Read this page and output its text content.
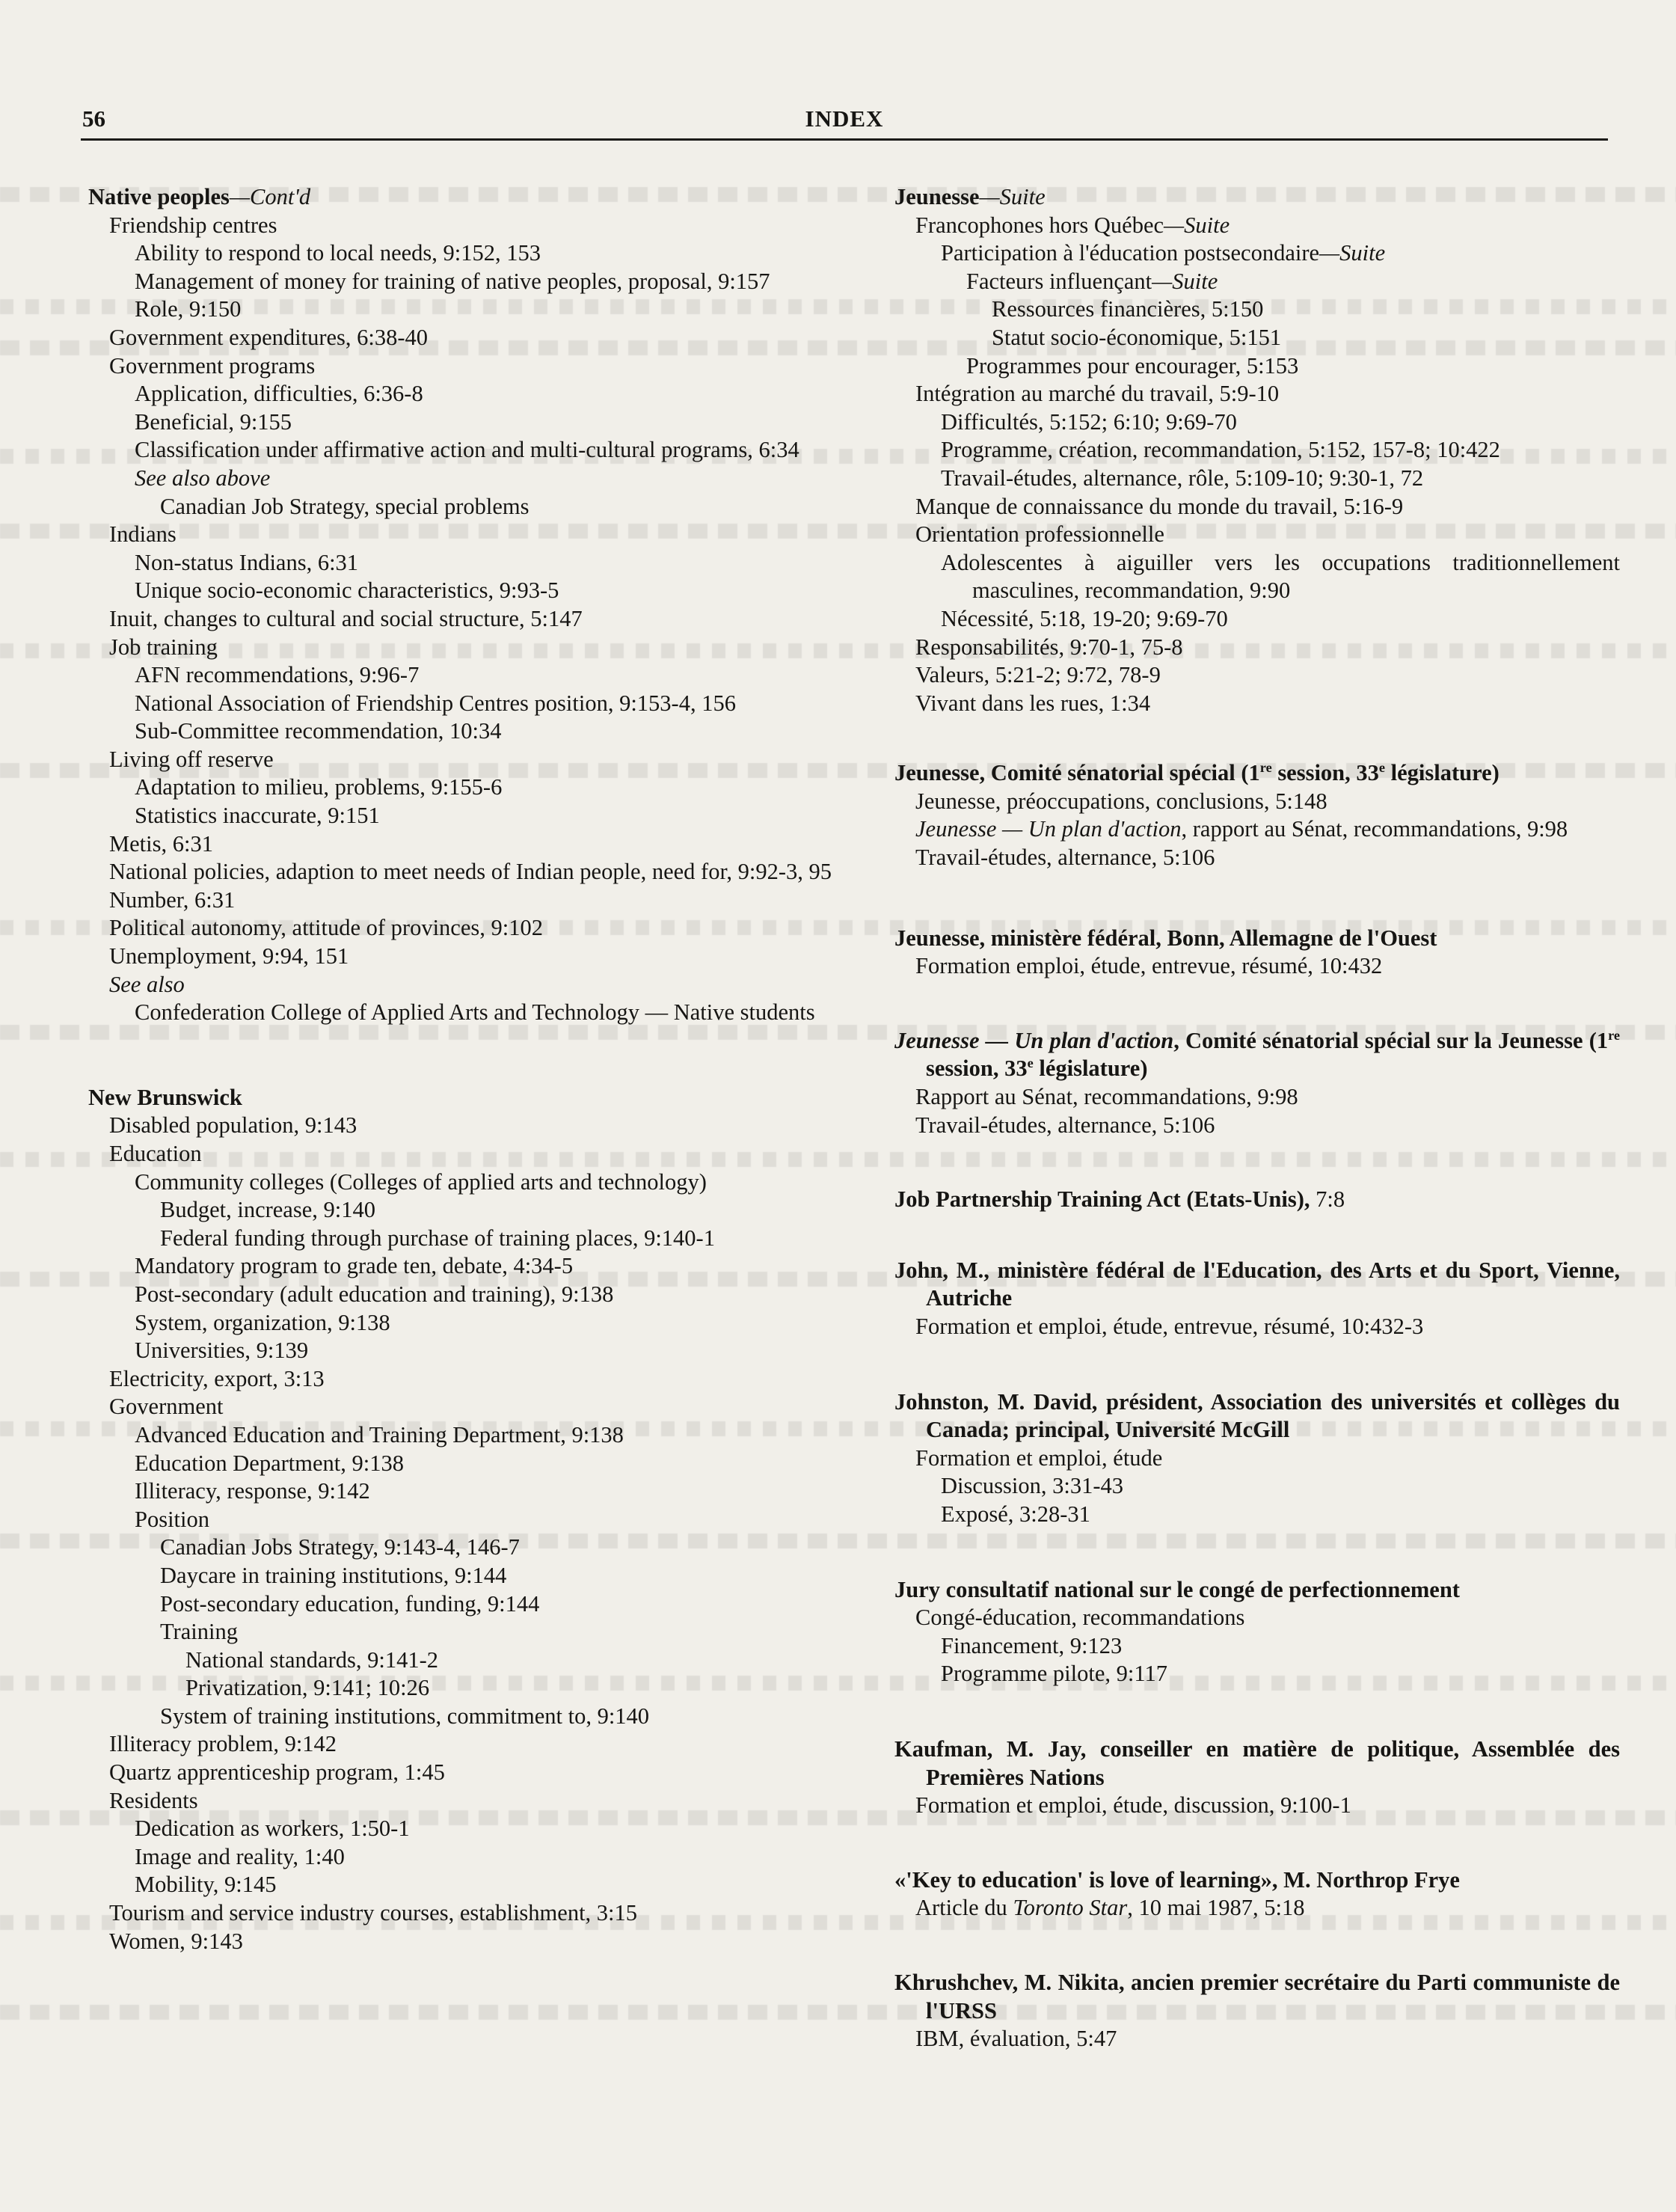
56	INDEX
Native peoples—Cont'd
Friendship centres
Ability to respond to local needs, 9:152, 153
Management of money for training of native peoples, proposal, 9:157
Role, 9:150
Government expenditures, 6:38-40
Government programs
Application, difficulties, 6:36-8
Beneficial, 9:155
Classification under affirmative action and multi-cultural programs, 6:34
See also above
Canadian Job Strategy, special problems
Indians
Non-status Indians, 6:31
Unique socio-economic characteristics, 9:93-5
Inuit, changes to cultural and social structure, 5:147
Job training
AFN recommendations, 9:96-7
National Association of Friendship Centres position, 9:153-4, 156
Sub-Committee recommendation, 10:34
Living off reserve
Adaptation to milieu, problems, 9:155-6
Statistics inaccurate, 9:151
Metis, 6:31
National policies, adaption to meet needs of Indian people, need for, 9:92-3, 95
Number, 6:31
Political autonomy, attitude of provinces, 9:102
Unemployment, 9:94, 151
See also
Confederation College of Applied Arts and Technology — Native students
New Brunswick
Disabled population, 9:143
Education
Community colleges (Colleges of applied arts and technology)
Budget, increase, 9:140
Federal funding through purchase of training places, 9:140-1
Mandatory program to grade ten, debate, 4:34-5
Post-secondary (adult education and training), 9:138
System, organization, 9:138
Universities, 9:139
Electricity, export, 3:13
Government
Advanced Education and Training Department, 9:138
Education Department, 9:138
Illiteracy, response, 9:142
Position
Canadian Jobs Strategy, 9:143-4, 146-7
Daycare in training institutions, 9:144
Post-secondary education, funding, 9:144
Training
National standards, 9:141-2
Privatization, 9:141; 10:26
System of training institutions, commitment to, 9:140
Illiteracy problem, 9:142
Quartz apprenticeship program, 1:45
Residents
Dedication as workers, 1:50-1
Image and reality, 1:40
Mobility, 9:145
Tourism and service industry courses, establishment, 3:15
Women, 9:143
Jeunesse—Suite
Francophones hors Québec—Suite
Participation à l'éducation postsecondaire—Suite
Facteurs influençant—Suite
Ressources financières, 5:150
Statut socio-économique, 5:151
Programmes pour encourager, 5:153
Intégration au marché du travail, 5:9-10
Difficultés, 5:152; 6:10; 9:69-70
Programme, création, recommandation, 5:152, 157-8; 10:422
Travail-études, alternance, rôle, 5:109-10; 9:30-1, 72
Manque de connaissance du monde du travail, 5:16-9
Orientation professionnelle
Adolescentes à aiguiller vers les occupations traditionnellement masculines, recommandation, 9:90
Nécessité, 5:18, 19-20; 9:69-70
Responsabilités, 9:70-1, 75-8
Valeurs, 5:21-2; 9:72, 78-9
Vivant dans les rues, 1:34
Jeunesse, Comité sénatorial spécial (1re session, 33e législature)
Jeunesse, préoccupations, conclusions, 5:148
Jeunesse — Un plan d'action, rapport au Sénat, recommandations, 9:98
Travail-études, alternance, 5:106
Jeunesse, ministère fédéral, Bonn, Allemagne de l'Ouest
Formation emploi, étude, entrevue, résumé, 10:432
Jeunesse — Un plan d'action, Comité sénatorial spécial sur la Jeunesse (1re session, 33e législature)
Rapport au Sénat, recommandations, 9:98
Travail-études, alternance, 5:106
Job Partnership Training Act (Etats-Unis), 7:8
John, M., ministère fédéral de l'Education, des Arts et du Sport, Vienne, Autriche
Formation et emploi, étude, entrevue, résumé, 10:432-3
Johnston, M. David, président, Association des universités et collèges du Canada; principal, Université McGill
Formation et emploi, étude
Discussion, 3:31-43
Exposé, 3:28-31
Jury consultatif national sur le congé de perfectionnement
Congé-éducation, recommandations
Financement, 9:123
Programme pilote, 9:117
Kaufman, M. Jay, conseiller en matière de politique, Assemblée des Premières Nations
Formation et emploi, étude, discussion, 9:100-1
«'Key to education' is love of learning», M. Northrop Frye
Article du Toronto Star, 10 mai 1987, 5:18
Khrushchev, M. Nikita, ancien premier secrétaire du Parti communiste de l'URSS
IBM, évaluation, 5:47
